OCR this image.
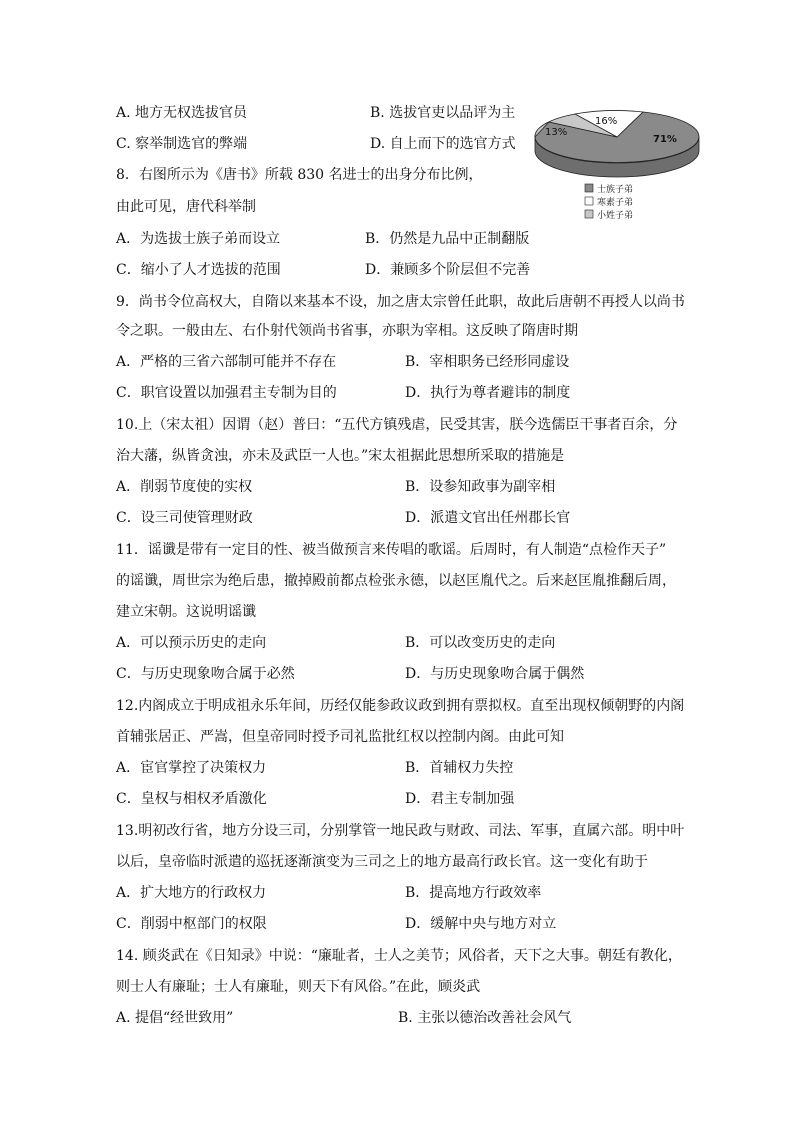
A. 地方无权选拔官员	B. 选拔官吏以品评为主
C. 察举制选官的弊端	D. 自上而下的选官方式
8．右图所示为《唐书》所载 830 名进士的出身分布比例，
由此可见，唐代科举制
A．为选拔士族子弟而设立	B．仍然是九品中正制翻版
C．缩小了人才选拔的范围	D．兼顾多个阶层但不完善
71%
16%
13%
士族子弟
寒素子弟
小姓子弟
9．尚书令位高权大，自隋以来基本不设，加之唐太宗曾任此职，故此后唐朝不再授人以尚书
令之职。一般由左、右仆射代领尚书省事，亦职为宰相。这反映了隋唐时期
A．严格的三省六部制可能并不存在	B．宰相职务已经形同虚设
C．职官设置以加强君主专制为目的	D．执行为尊者避讳的制度
10.上（宋太祖）因谓（赵）普曰：“五代方镇残虐，民受其害，朕今选儒臣干事者百余，分
治大藩，纵皆贪浊，亦未及武臣一人也。”宋太祖据此思想所采取的措施是
A．削弱节度使的实权	B．设参知政事为副宰相
C．设三司使管理财政	D．派遣文官出任州郡长官
11．谣谶是带有一定目的性、被当做预言来传唱的歌谣。后周时，有人制造“点检作天子”
的谣谶，周世宗为绝后患，撤掉殿前都点检张永德，以赵匡胤代之。后来赵匡胤推翻后周，
建立宋朝。这说明谣谶
A．可以预示历史的走向	B．可以改变历史的走向
C．与历史现象吻合属于必然	D．与历史现象吻合属于偶然
12.内阁成立于明成祖永乐年间，历经仅能参政议政到拥有票拟权。直至出现权倾朝野的内阁
首辅张居正、严嵩，但皇帝同时授予司礼监批红权以控制内阁。由此可知
A．宦官掌控了决策权力	B．首辅权力失控
C．皇权与相权矛盾激化	D．君主专制加强
13.明初改行省，地方分设三司，分别掌管一地民政与财政、司法、军事，直属六部。明中叶
以后，皇帝临时派遣的巡抚逐渐演变为三司之上的地方最高行政长官。这一变化有助于
A．扩大地方的行政权力	B．提高地方行政效率
C．削弱中枢部门的权限	D．缓解中央与地方对立
14. 顾炎武在《日知录》中说：“廉耻者，士人之美节；风俗者，天下之大事。朝廷有教化，
则士人有廉耻；士人有廉耻，则天下有风俗。”在此，顾炎武
A. 提倡“经世致用”	B. 主张以德治改善社会风气
